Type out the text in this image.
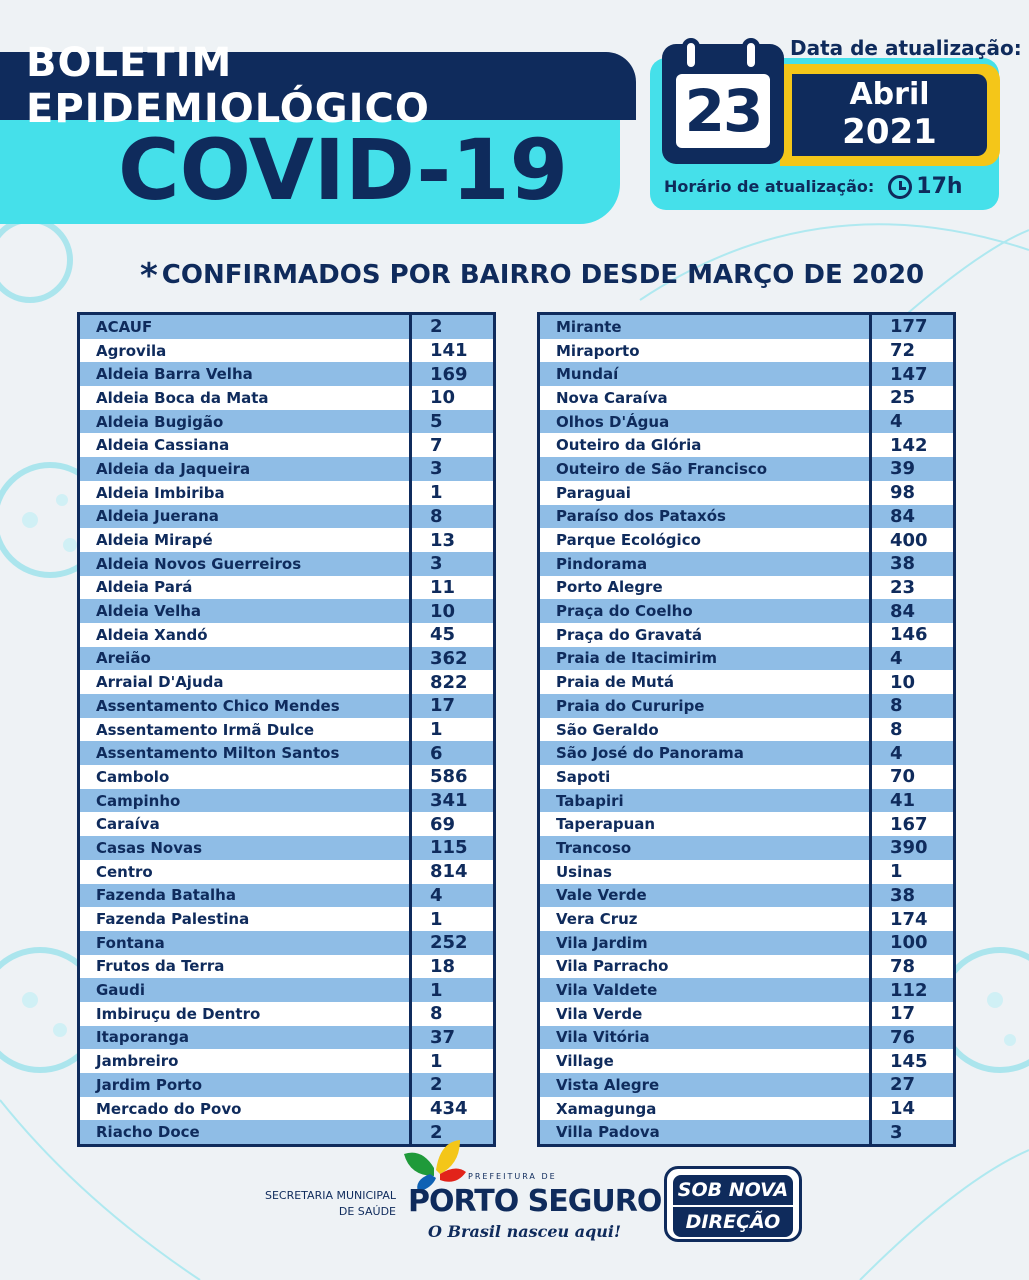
BOLETIM EPIDEMIOLÓGICO
COVID-19
Data de atualização:
Abril
2021
23
Horário de atualização: 17h
* CONFIRMADOS POR BAIRRO DESDE MARÇO DE 2020
ACAUF	2
Agrovila	141
Aldeia Barra Velha	169
Aldeia Boca da Mata	10
Aldeia Bugigão	5
Aldeia Cassiana	7
Aldeia da Jaqueira	3
Aldeia Imbiriba	1
Aldeia Juerana	8
Aldeia Mirapé	13
Aldeia Novos Guerreiros	3
Aldeia Pará	11
Aldeia Velha	10
Aldeia Xandó	45
Areião	362
Arraial D'Ajuda	822
Assentamento Chico Mendes	17
Assentamento Irmã Dulce	1
Assentamento Milton Santos	6
Cambolo	586
Campinho	341
Caraíva	69
Casas Novas	115
Centro	814
Fazenda Batalha	4
Fazenda Palestina	1
Fontana	252
Frutos da Terra	18
Gaudi	1
Imbiruçu de Dentro	8
Itaporanga	37
Jambreiro	1
Jardim Porto	2
Mercado do Povo	434
Riacho Doce	2
Mirante	177
Miraporto	72
Mundaí	147
Nova Caraíva	25
Olhos D'Água	4
Outeiro da Glória	142
Outeiro de São Francisco	39
Paraguai	98
Paraíso dos Pataxós	84
Parque Ecológico	400
Pindorama	38
Porto Alegre	23
Praça do Coelho	84
Praça do Gravatá	146
Praia de Itacimirim	4
Praia de Mutá	10
Praia do Cururipe	8
São Geraldo	8
São José do Panorama	4
Sapoti	70
Tabapiri	41
Taperapuan	167
Trancoso	390
Usinas	1
Vale Verde	38
Vera Cruz	174
Vila Jardim	100
Vila Parracho	78
Vila Valdete	112
Vila Verde	17
Vila Vitória	76
Village	145
Vista Alegre	27
Xamagunga	14
Villa Padova	3
SECRETARIA MUNICIPAL
DE SAÚDE
PREFEITURA DE
PORTO SEGURO
O Brasil nasceu aqui!
SOB NOVA
DIREÇÃO
